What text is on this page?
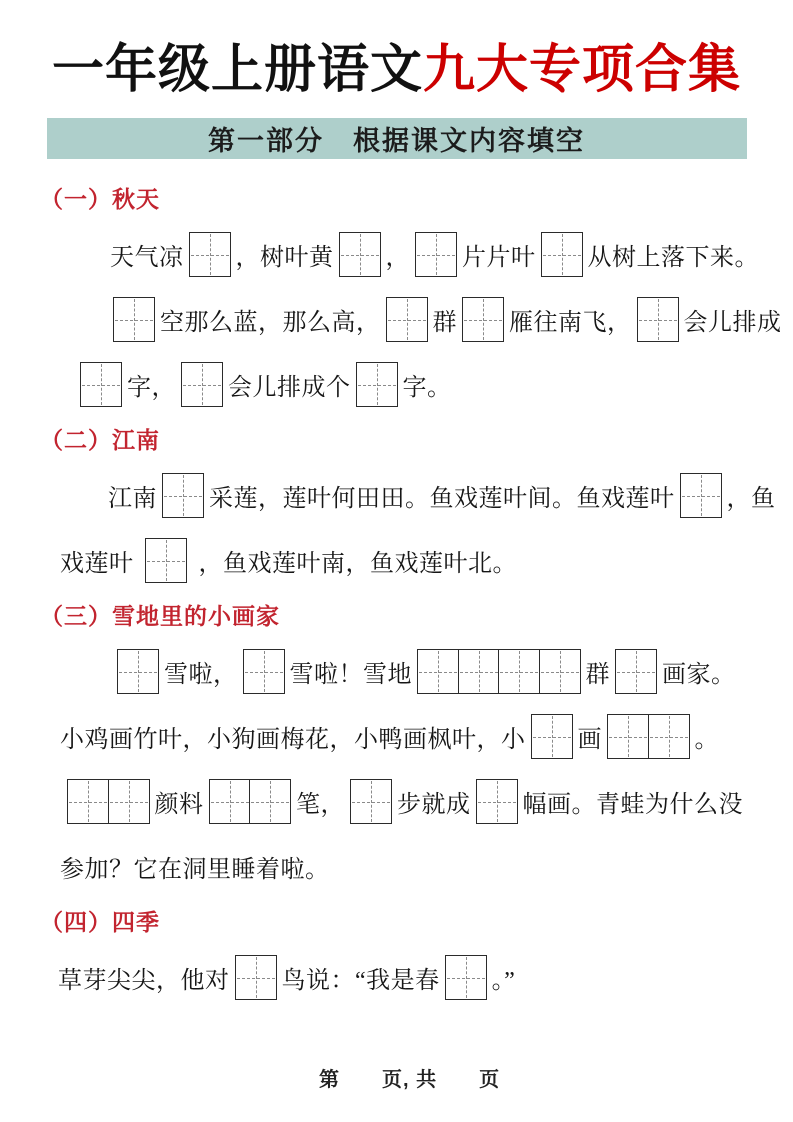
一年级上册语文九大专项合集
第一部分　根据课文内容填空
（一）秋天
天气凉 ，树叶黄 ， 片片叶 从树上落下来。
空那么蓝，那么高， 群 雁往南飞， 会儿排成
字， 会儿排成个 字。
（二）江南
江南 采莲，莲叶何田田。鱼戏莲叶间。鱼戏莲叶 ，鱼
戏莲叶 ，鱼戏莲叶南，鱼戏莲叶北。
（三）雪地里的小画家
雪啦， 雪啦！雪地	群 画家。
小鸡画竹叶，小狗画梅花，小鸭画枫叶，小 画	。
颜料	笔， 步就成 幅画。青蛙为什么没
参加？它在洞里睡着啦。
（四）四季
草芽尖尖，他对 鸟说：“我是春 。”

第　　页, 共　　页
